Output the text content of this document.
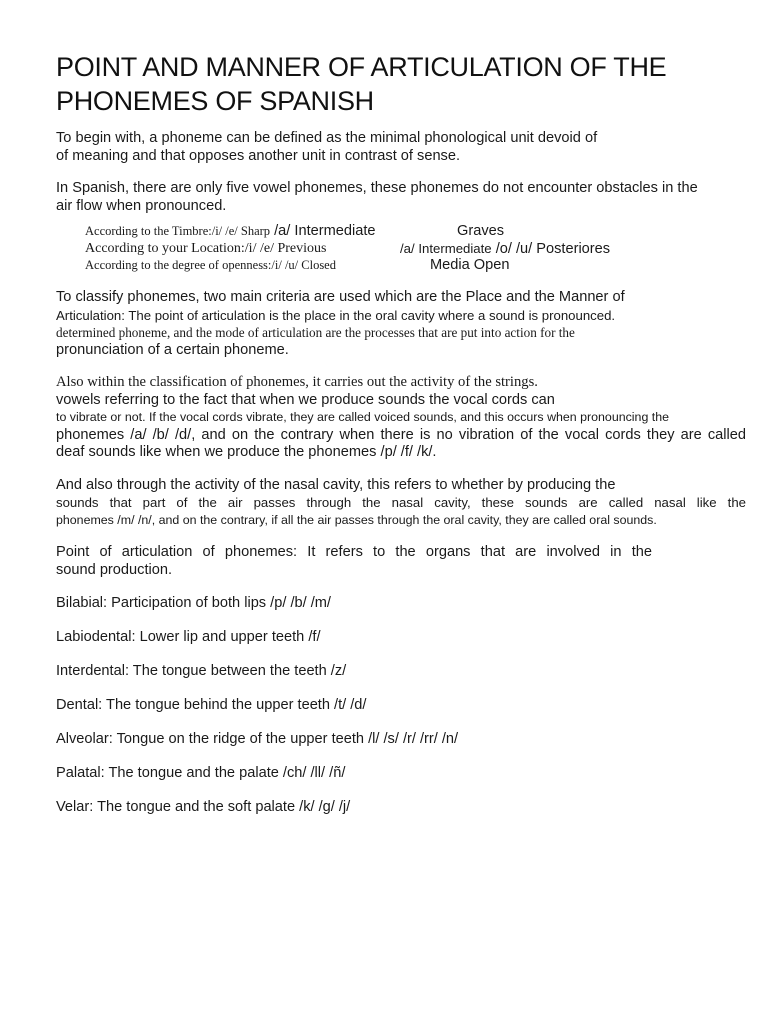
POINT AND MANNER OF ARTICULATION OF THE
PHONEMES OF SPANISH
To begin with, a phoneme can be defined as the minimal phonological unit devoid of
of meaning and that opposes another unit in contrast of sense.
In Spanish, there are only five vowel phonemes, these phonemes do not encounter obstacles in the
air flow when pronounced.
According to the Timbre:/i/ /e/ Sharp /a/ Intermediate	Graves
According to your Location:/i/ /e/ Previous	/a/ Intermediate /o/ /u/ Posteriores
According to the degree of openness:/i/ /u/ Closed	Media Open
To classify phonemes, two main criteria are used which are the Place and the Manner of
Articulation: The point of articulation is the place in the oral cavity where a sound is pronounced.
determined phoneme, and the mode of articulation are the processes that are put into action for the
pronunciation of a certain phoneme.
Also within the classification of phonemes, it carries out the activity of the strings.
vowels referring to the fact that when we produce sounds the vocal cords can
to vibrate or not. If the vocal cords vibrate, they are called voiced sounds, and this occurs when pronouncing the
phonemes /a/ /b/ /d/, and on the contrary when there is no vibration of the vocal cords they are called
deaf sounds like when we produce the phonemes /p/ /f/ /k/.
And also through the activity of the nasal cavity, this refers to whether by producing the
sounds that part of the air passes through the nasal cavity, these sounds are called nasal like the
phonemes /m/ /n/, and on the contrary, if all the air passes through the oral cavity, they are called oral sounds.
Point of articulation of phonemes: It refers to the organs that are involved in the
sound production.
Bilabial: Participation of both lips /p/ /b/ /m/
Labiodental: Lower lip and upper teeth /f/
Interdental: The tongue between the teeth /z/
Dental: The tongue behind the upper teeth /t/ /d/
Alveolar: Tongue on the ridge of the upper teeth /l/ /s/ /r/ /rr/ /n/
Palatal: The tongue and the palate /ch/ /ll/ /ñ/
Velar: The tongue and the soft palate /k/ /g/ /j/
